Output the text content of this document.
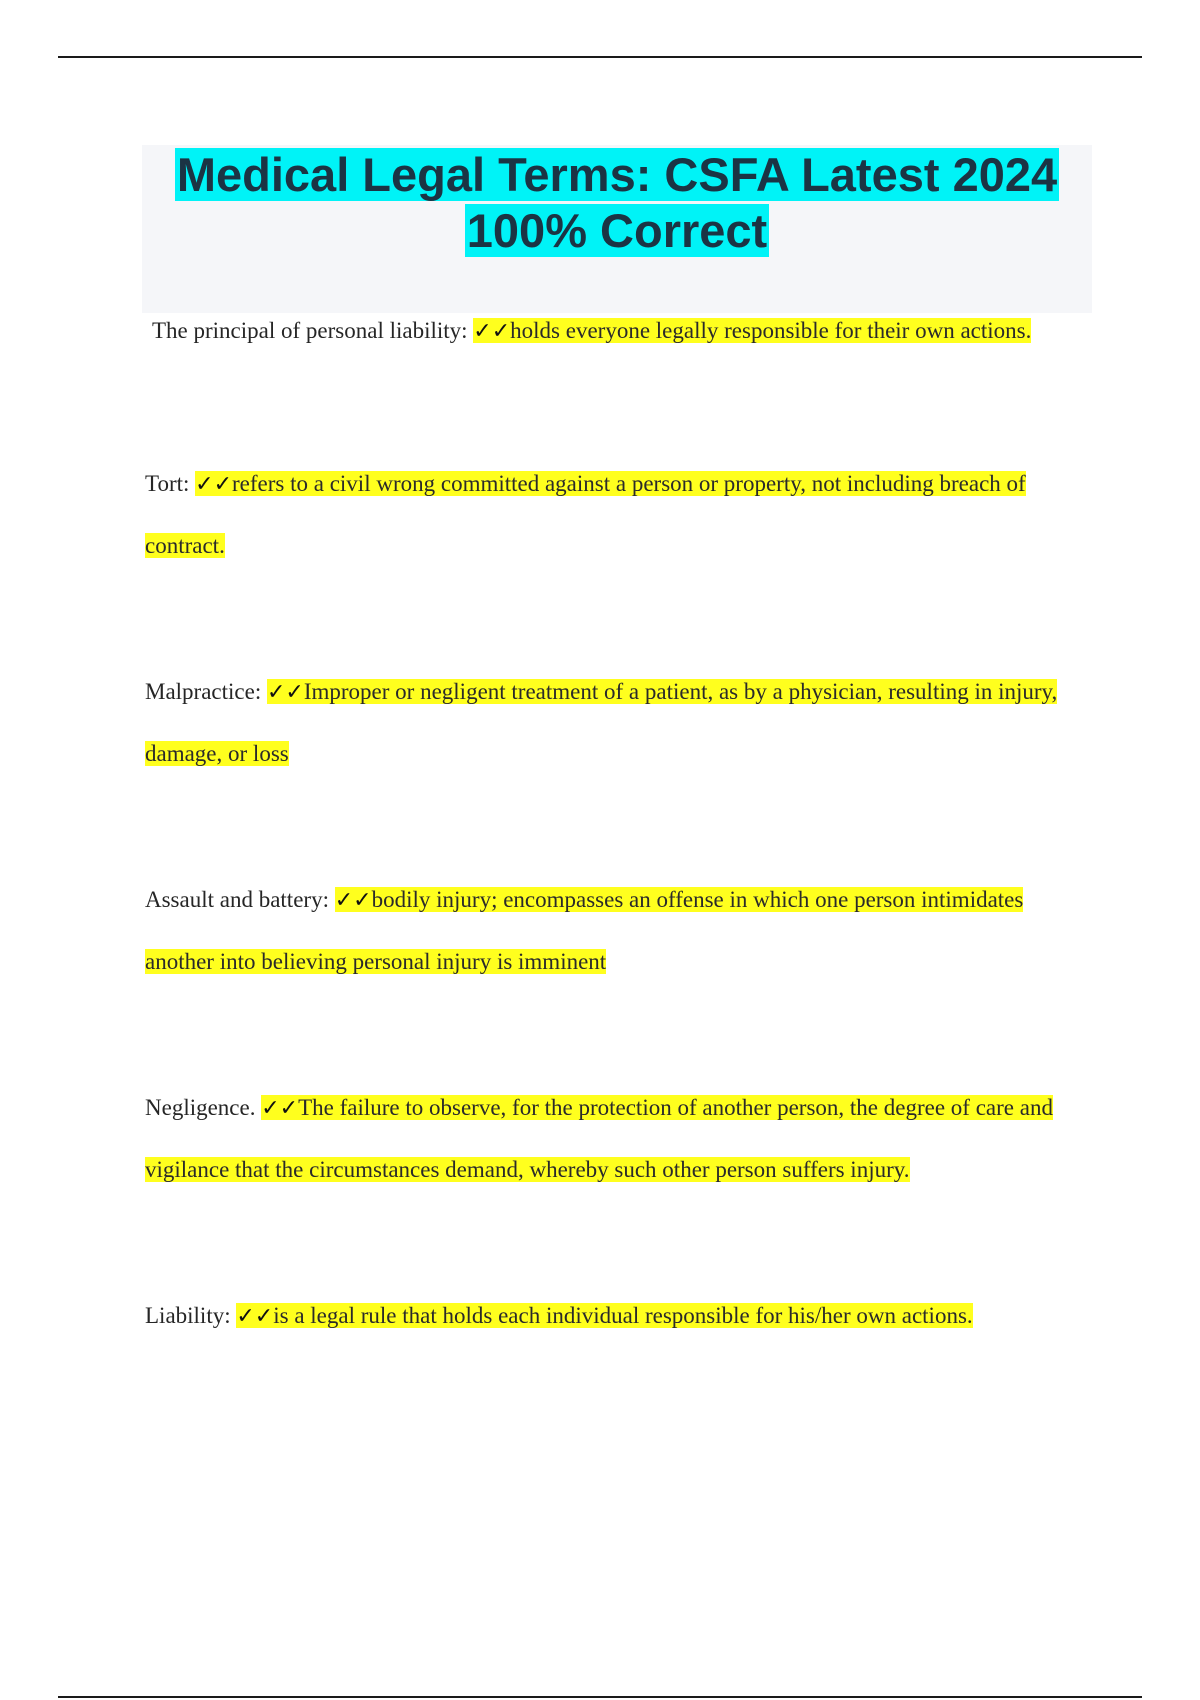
Medical Legal Terms: CSFA Latest 2024
100% Correct
The principal of personal liability: ✓✓holds everyone legally responsible for their own actions.
Tort: ✓✓refers to a civil wrong committed against a person or property, not including breach of contract.
Malpractice: ✓✓Improper or negligent treatment of a patient, as by a physician, resulting in injury, damage, or loss
Assault and battery: ✓✓bodily injury; encompasses an offense in which one person intimidates another into believing personal injury is imminent
Negligence. ✓✓The failure to observe, for the protection of another person, the degree of care and vigilance that the circumstances demand, whereby such other person suffers injury.
Liability: ✓✓is a legal rule that holds each individual responsible for his/her own actions.
